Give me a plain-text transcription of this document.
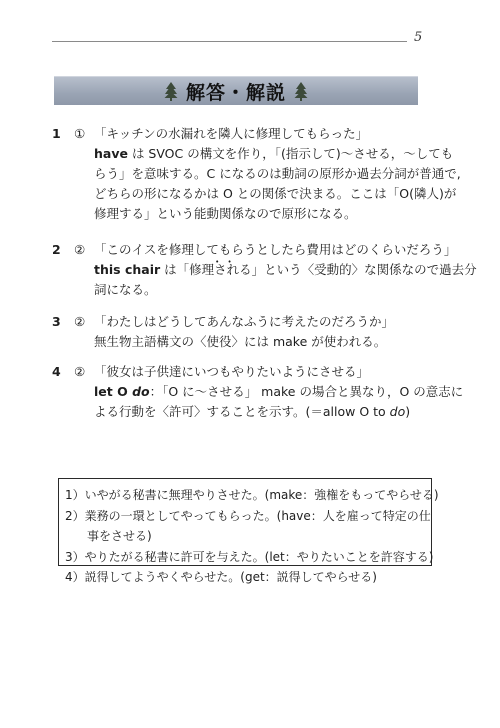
5
解答・解説
1	① 「キッチンの水漏れを隣人に修理してもらった」
have は SVOC の構文を作り，「(指示して)～させる，～しても
らう」を意味する。C になるのは動詞の原形か過去分詞が普通で,
どちらの形になるかは O との関係で決まる。ここは「O(隣人)が
修理する」という能動関係なので原形になる。
2	② 「このイスを修理してもらうとしたら費用はどのくらいだろう」
this chair は「修理• • される」という〈受動的〉な関係なので過去分
詞になる。
3	② 「わたしはどうしてあんなふうに考えたのだろうか」
無生物主語構文の〈使役〉には make が使われる。
4	② 「彼女は子供達にいつもやりたいようにさせる」
let O do：「O に～させる」 make の場合と異なり，O の意志に
よる行動を〈許可〉することを示す。(＝allow O to do)
1）いやがる秘書に無理やりさせた。(make：強権をもってやらせる)
2）業務の一環としてやってもらった。(have：人を雇って特定の仕
事をさせる)
3）やりたがる秘書に許可を与えた。(let：やりたいことを許容する)
4）説得してようやくやらせた。(get：説得してやらせる)
